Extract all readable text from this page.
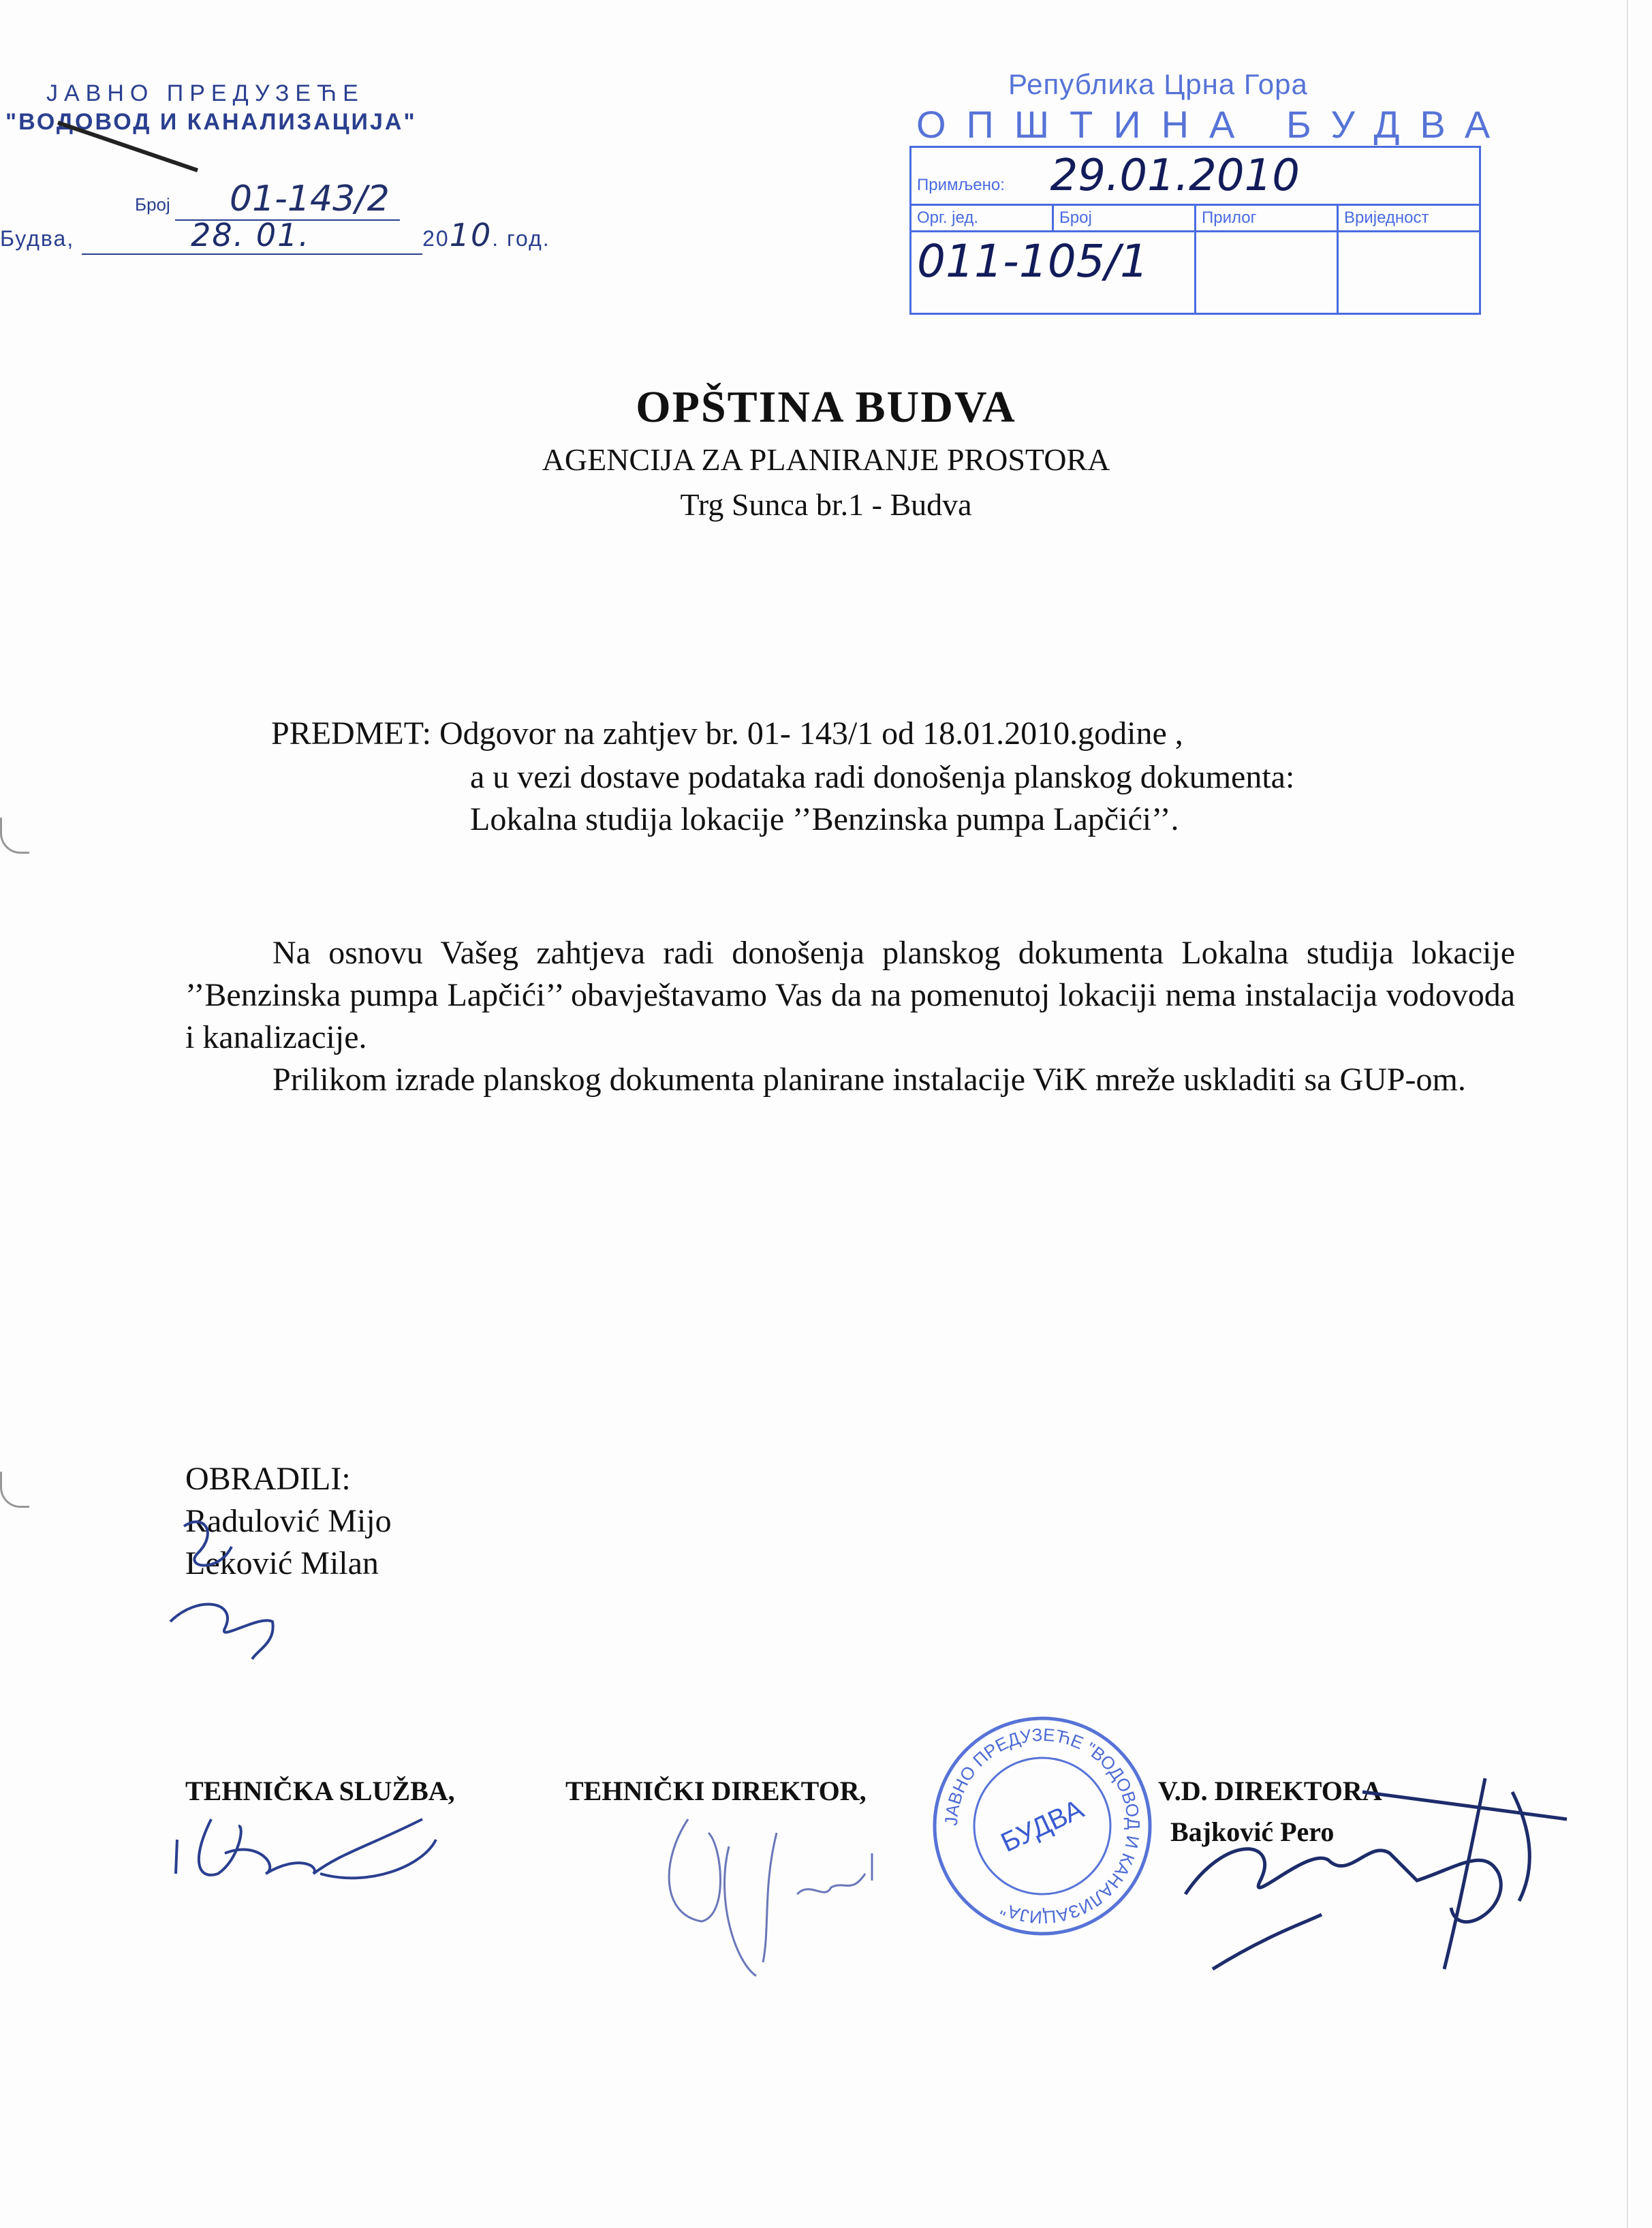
ЈАВНО ПРЕДУЗЕЋЕ
"ВОДОВОД И КАНАЛИЗАЦИЈА"
Број 01-143/2
Будва,	28. 01.	2010. год.
Република Црна Гора
ОПШТИНА БУДВА
Примљено: 29.01.2010			
Орг. јед.	Број	Прилог	Вриједност
011-105/1			
OPŠTINA BUDVA
AGENCIJA ZA PLANIRANJE PROSTORA
Trg Sunca br.1 - Budva
PREDMET: Odgovor na zahtjev br. 01- 143/1 od 18.01.2010.godine ,
a u vezi dostave podataka radi donošenja planskog dokumenta:
Lokalna studija lokacije ’’Benzinska pumpa Lapčići’’.

Na osnovu Vašeg zahtjeva radi donošenja planskog dokumenta Lokalna studija lokacije ’’Benzinska pumpa Lapčići’’ obavještavamo Vas da na pomenutoj lokaciji nema instalacija vodovoda i kanalizacije.

Prilikom izrade planskog dokumenta planirane instalacije ViK mreže uskladiti sa GUP-om.

OBRADILI:
Radulović Mijo
Leković Milan
TEHNIČKA SLUŽBA,	TEHNIČKI DIREKTOR,	V.D. DIREKTORA
Bajković Pero
ЈАВНО ПРЕДУЗЕЋЕ "ВОДОВОД И КАНАЛИЗАЦИЈА"
БУДВА
